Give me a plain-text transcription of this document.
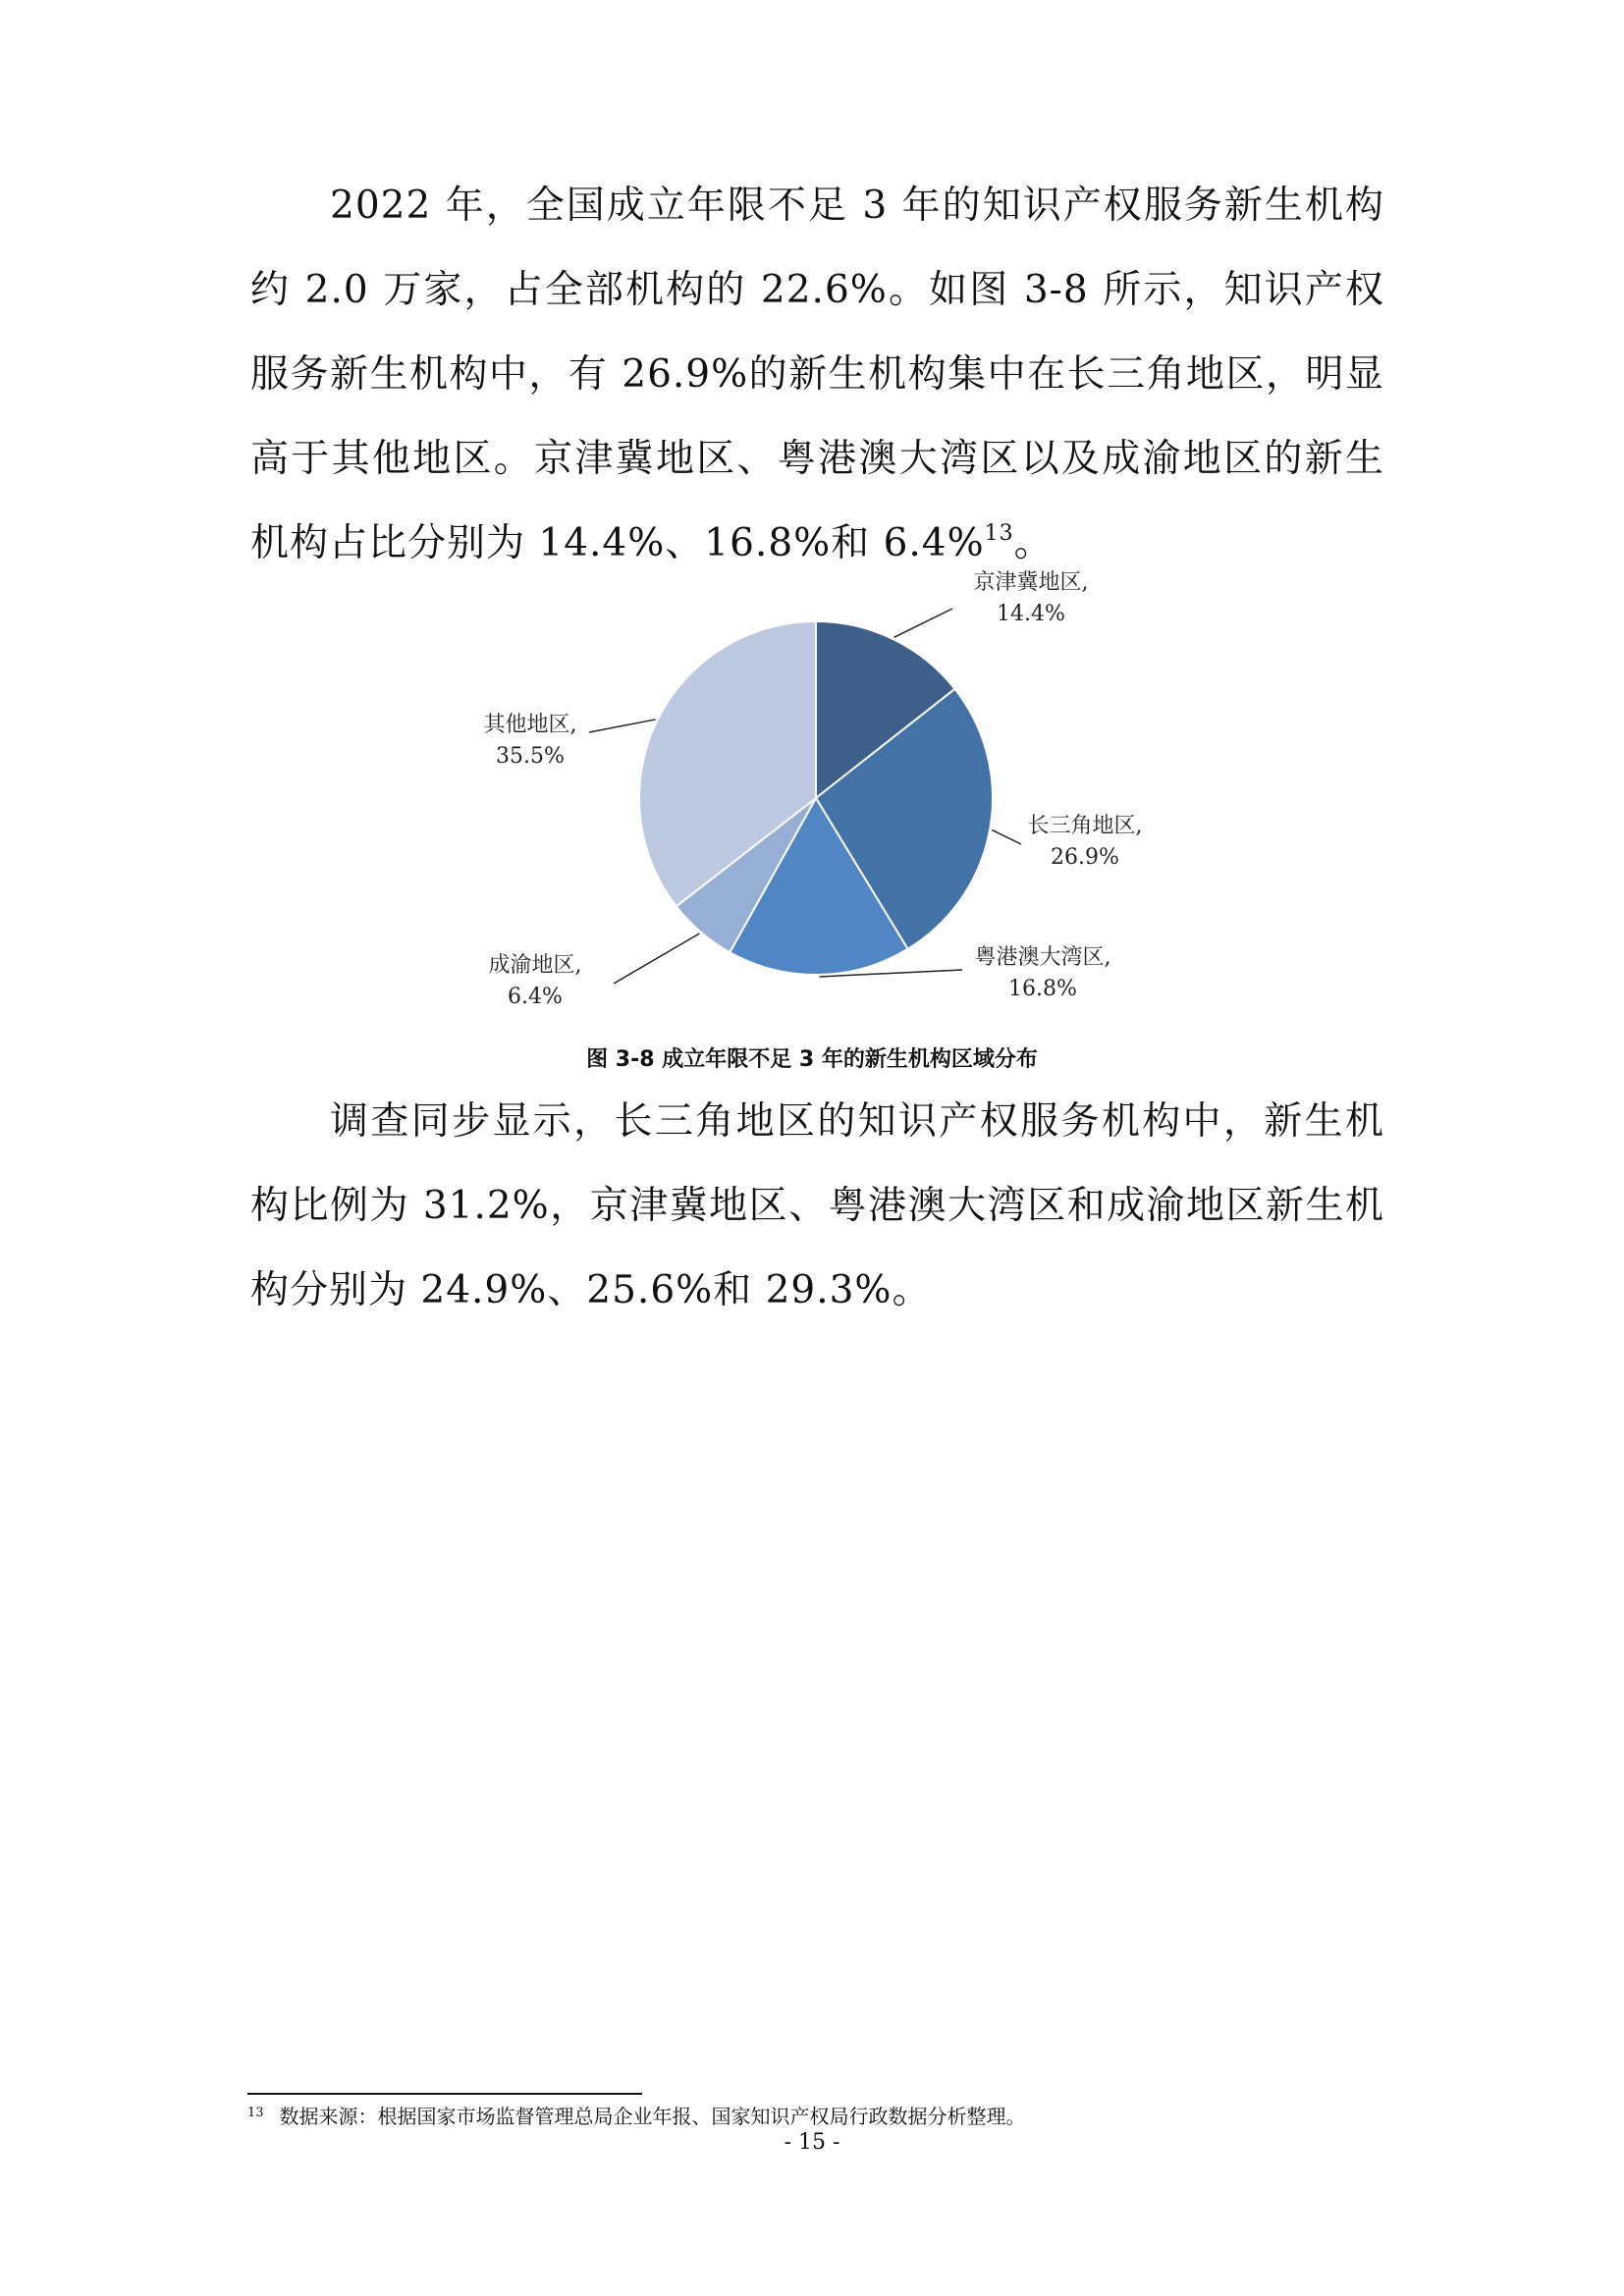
2022 年，全国成立年限不足 3 年的知识产权服务新生机构约 2.0 万家，占全部机构的 22.6%。如图 3-8 所示，知识产权服务新生机构中，有 26.9%的新生机构集中在长三角地区，明显高于其他地区。京津冀地区、粤港澳大湾区以及成渝地区的新生机构占比分别为 14.4%、16.8%和 6.4%$^{13}$。

京津冀地区,
14.4%
长三角地区,
26.9%
粤港澳大湾区,
16.8%
成渝地区,
6.4%
其他地区,
35.5%
图 3-8 成立年限不足 3 年的新生机构区域分布

调查同步显示，长三角地区的知识产权服务机构中，新生机构比例为 31.2%，京津冀地区、粤港澳大湾区和成渝地区新生机构分别为 24.9%、25.6%和 29.3%。

$^{13}$ 数据来源：根据国家市场监督管理总局企业年报、国家知识产权局行政数据分析整理。
- 15 -
